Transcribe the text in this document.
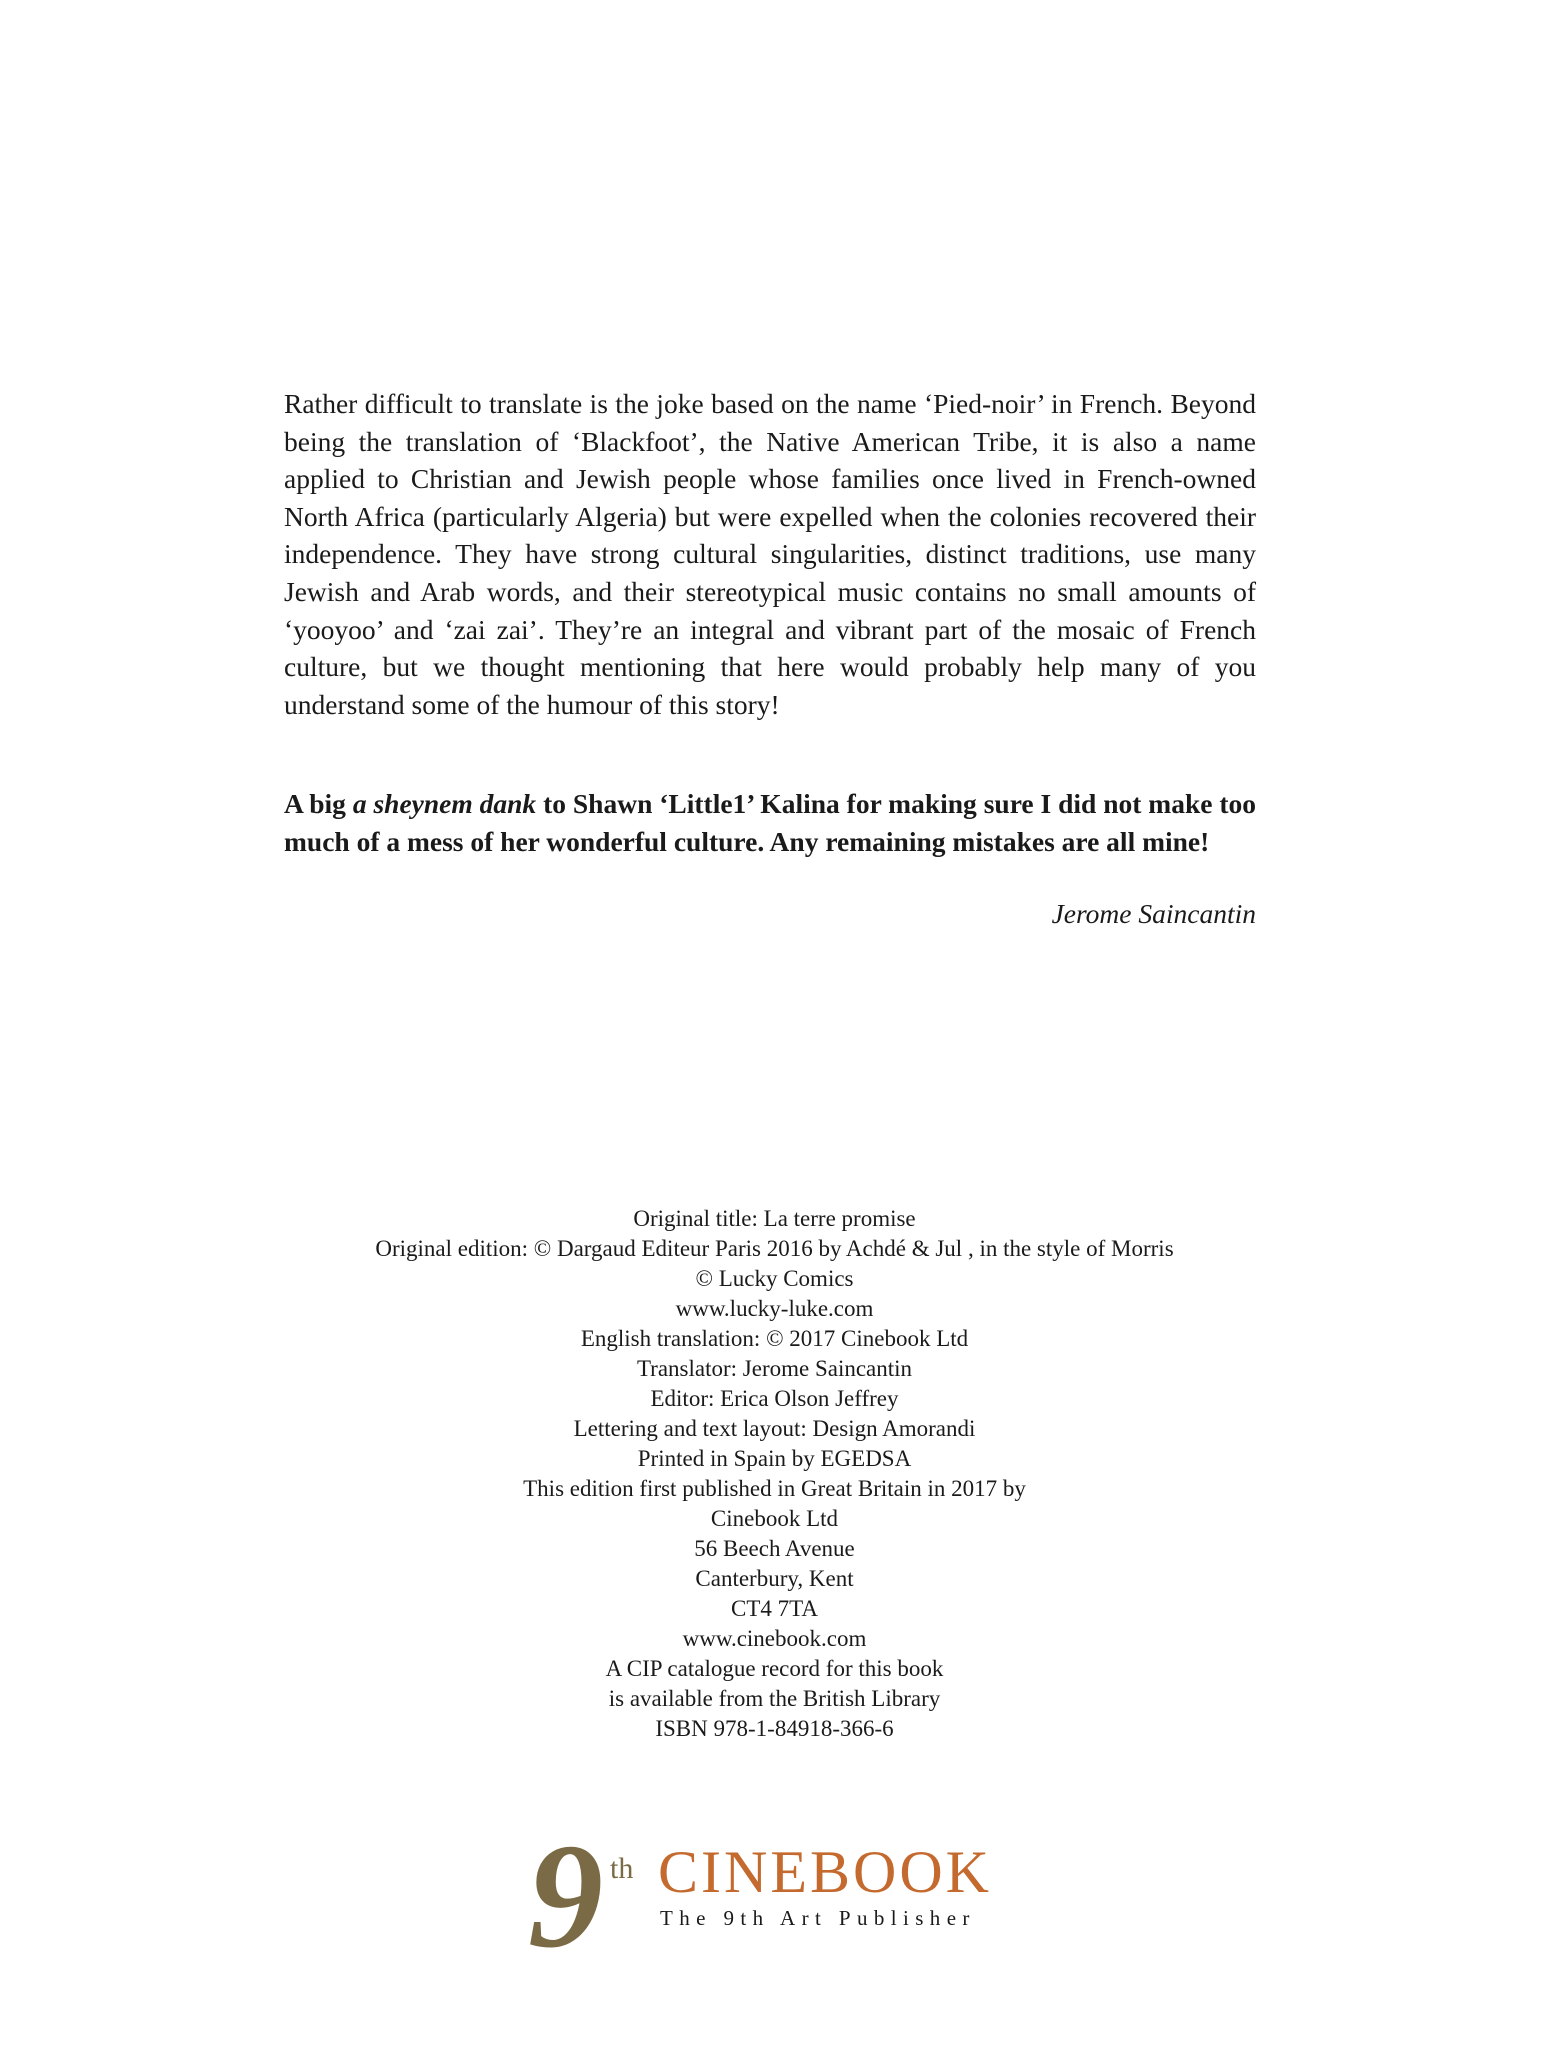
Rather difficult to translate is the joke based on the name ‘Pied-noir’ in French. Beyond being the translation of ‘Blackfoot’, the Native American Tribe, it is also a name applied to Christian and Jewish people whose families once lived in French-owned North Africa (particularly Algeria) but were expelled when the colonies recovered their independence. They have strong cultural singularities, distinct traditions, use many Jewish and Arab words, and their stereotypical music contains no small amounts of ‘yooyoo’ and ‘zai zai’. They’re an integral and vibrant part of the mosaic of French culture, but we thought mentioning that here would probably help many of you understand some of the humour of this story!

A big a sheynem dank to Shawn ‘Little1’ Kalina for making sure I did not make too much of a mess of her wonderful culture. Any remaining mistakes are all mine!

Jerome Saincantin

Original title: La terre promise
Original edition: © Dargaud Editeur Paris 2016 by Achdé & Jul , in the style of Morris
© Lucky Comics
www.lucky-luke.com
English translation: © 2017 Cinebook Ltd
Translator: Jerome Saincantin
Editor: Erica Olson Jeffrey
Lettering and text layout: Design Amorandi
Printed in Spain by EGEDSA
This edition first published in Great Britain in 2017 by
Cinebook Ltd
56 Beech Avenue
Canterbury, Kent
CT4 7TA
www.cinebook.com
A CIP catalogue record for this book
is available from the British Library
ISBN 978-1-84918-366-6
9 th CINEBOOK
The 9th Art Publisher
